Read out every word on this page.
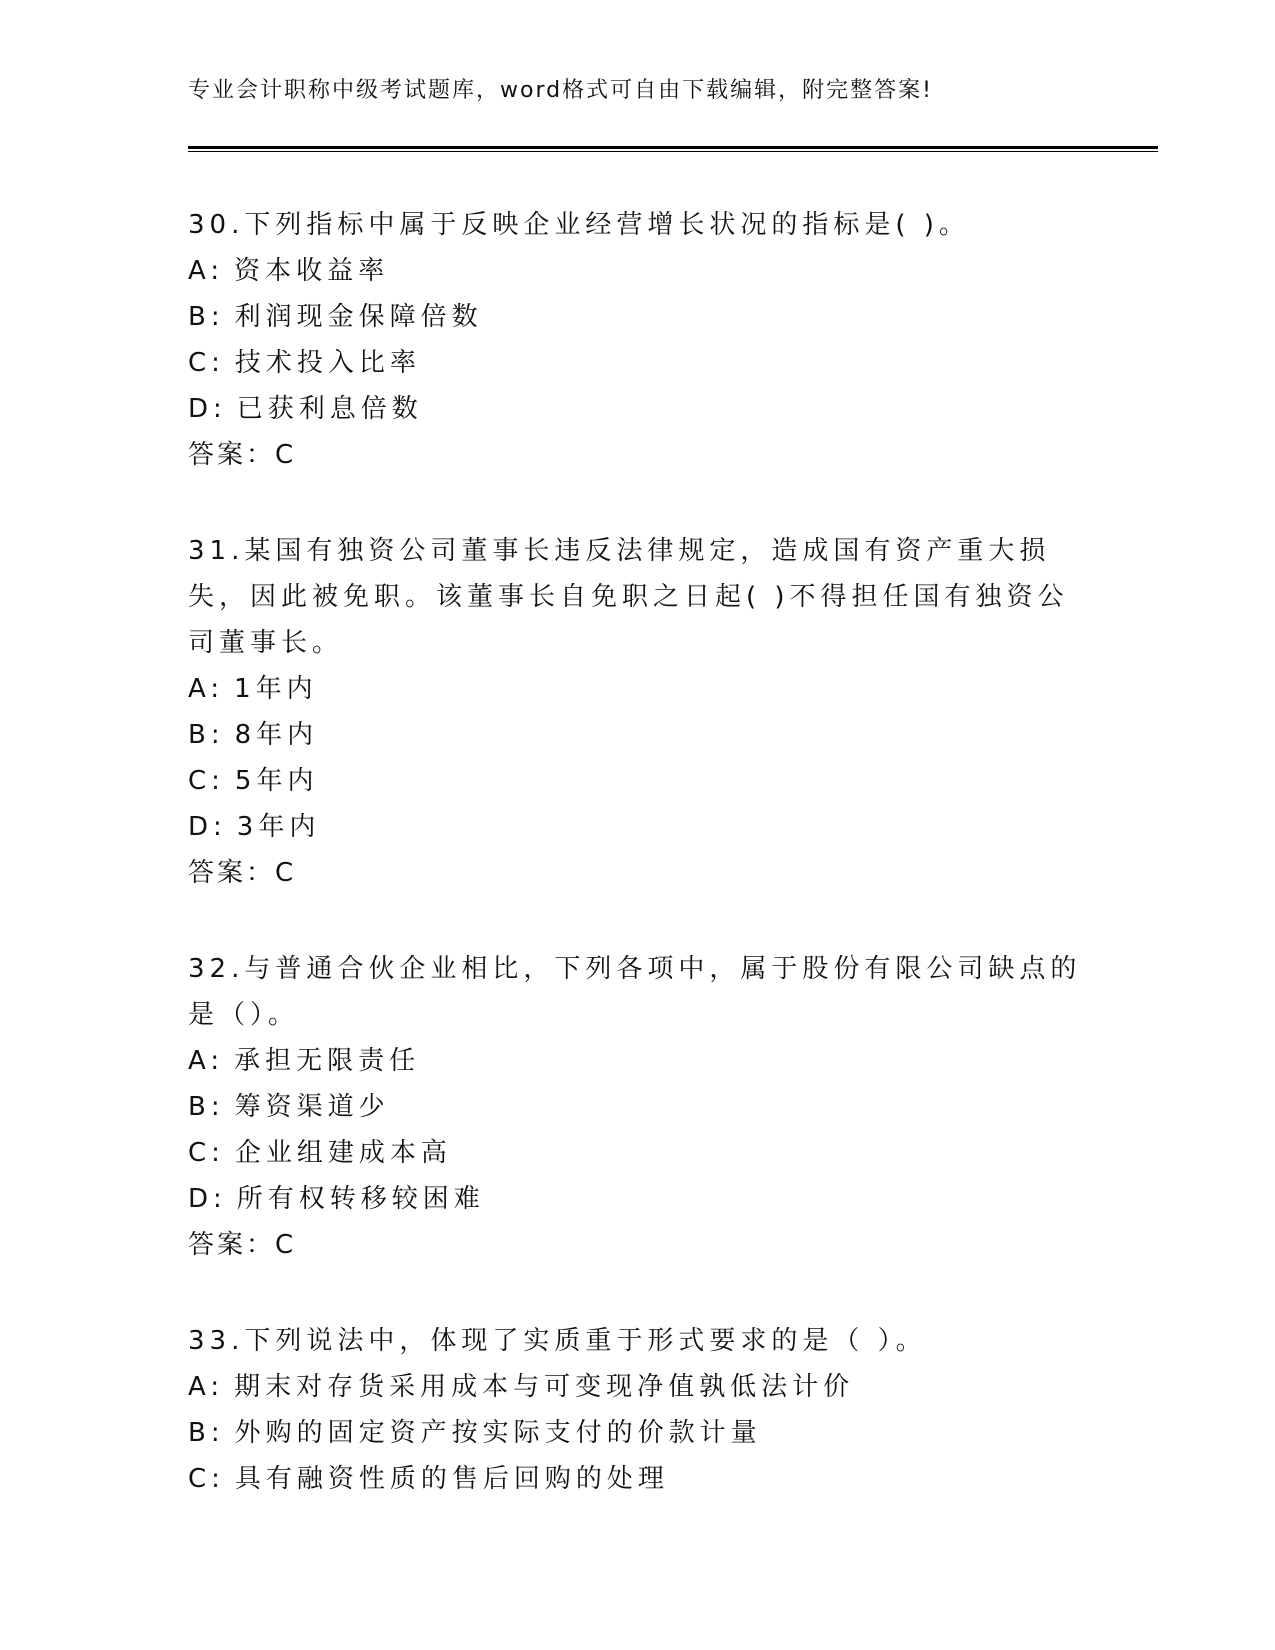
专业会计职称中级考试题库，word格式可自由下载编辑，附完整答案!

30.下列指标中属于反映企业经营增长状况的指标是( )。

A: 资本收益率
B: 利润现金保障倍数
C: 技术投入比率
D: 已获利息倍数
答案：C

31.某国有独资公司董事长违反法律规定，造成国有资产重大损失，因此被免职。该董事长自免职之日起( )不得担任国有独资公司董事长。

A: 1年内
B: 8年内
C: 5年内
D: 3年内
答案：C

32.与普通合伙企业相比，下列各项中，属于股份有限公司缺点的是（）。

A: 承担无限责任
B: 筹资渠道少
C: 企业组建成本高
D: 所有权转移较困难
答案：C

33.下列说法中，体现了实质重于形式要求的是（ ）。

A: 期末对存货采用成本与可变现净值孰低法计价
B: 外购的固定资产按实际支付的价款计量
C: 具有融资性质的售后回购的处理
